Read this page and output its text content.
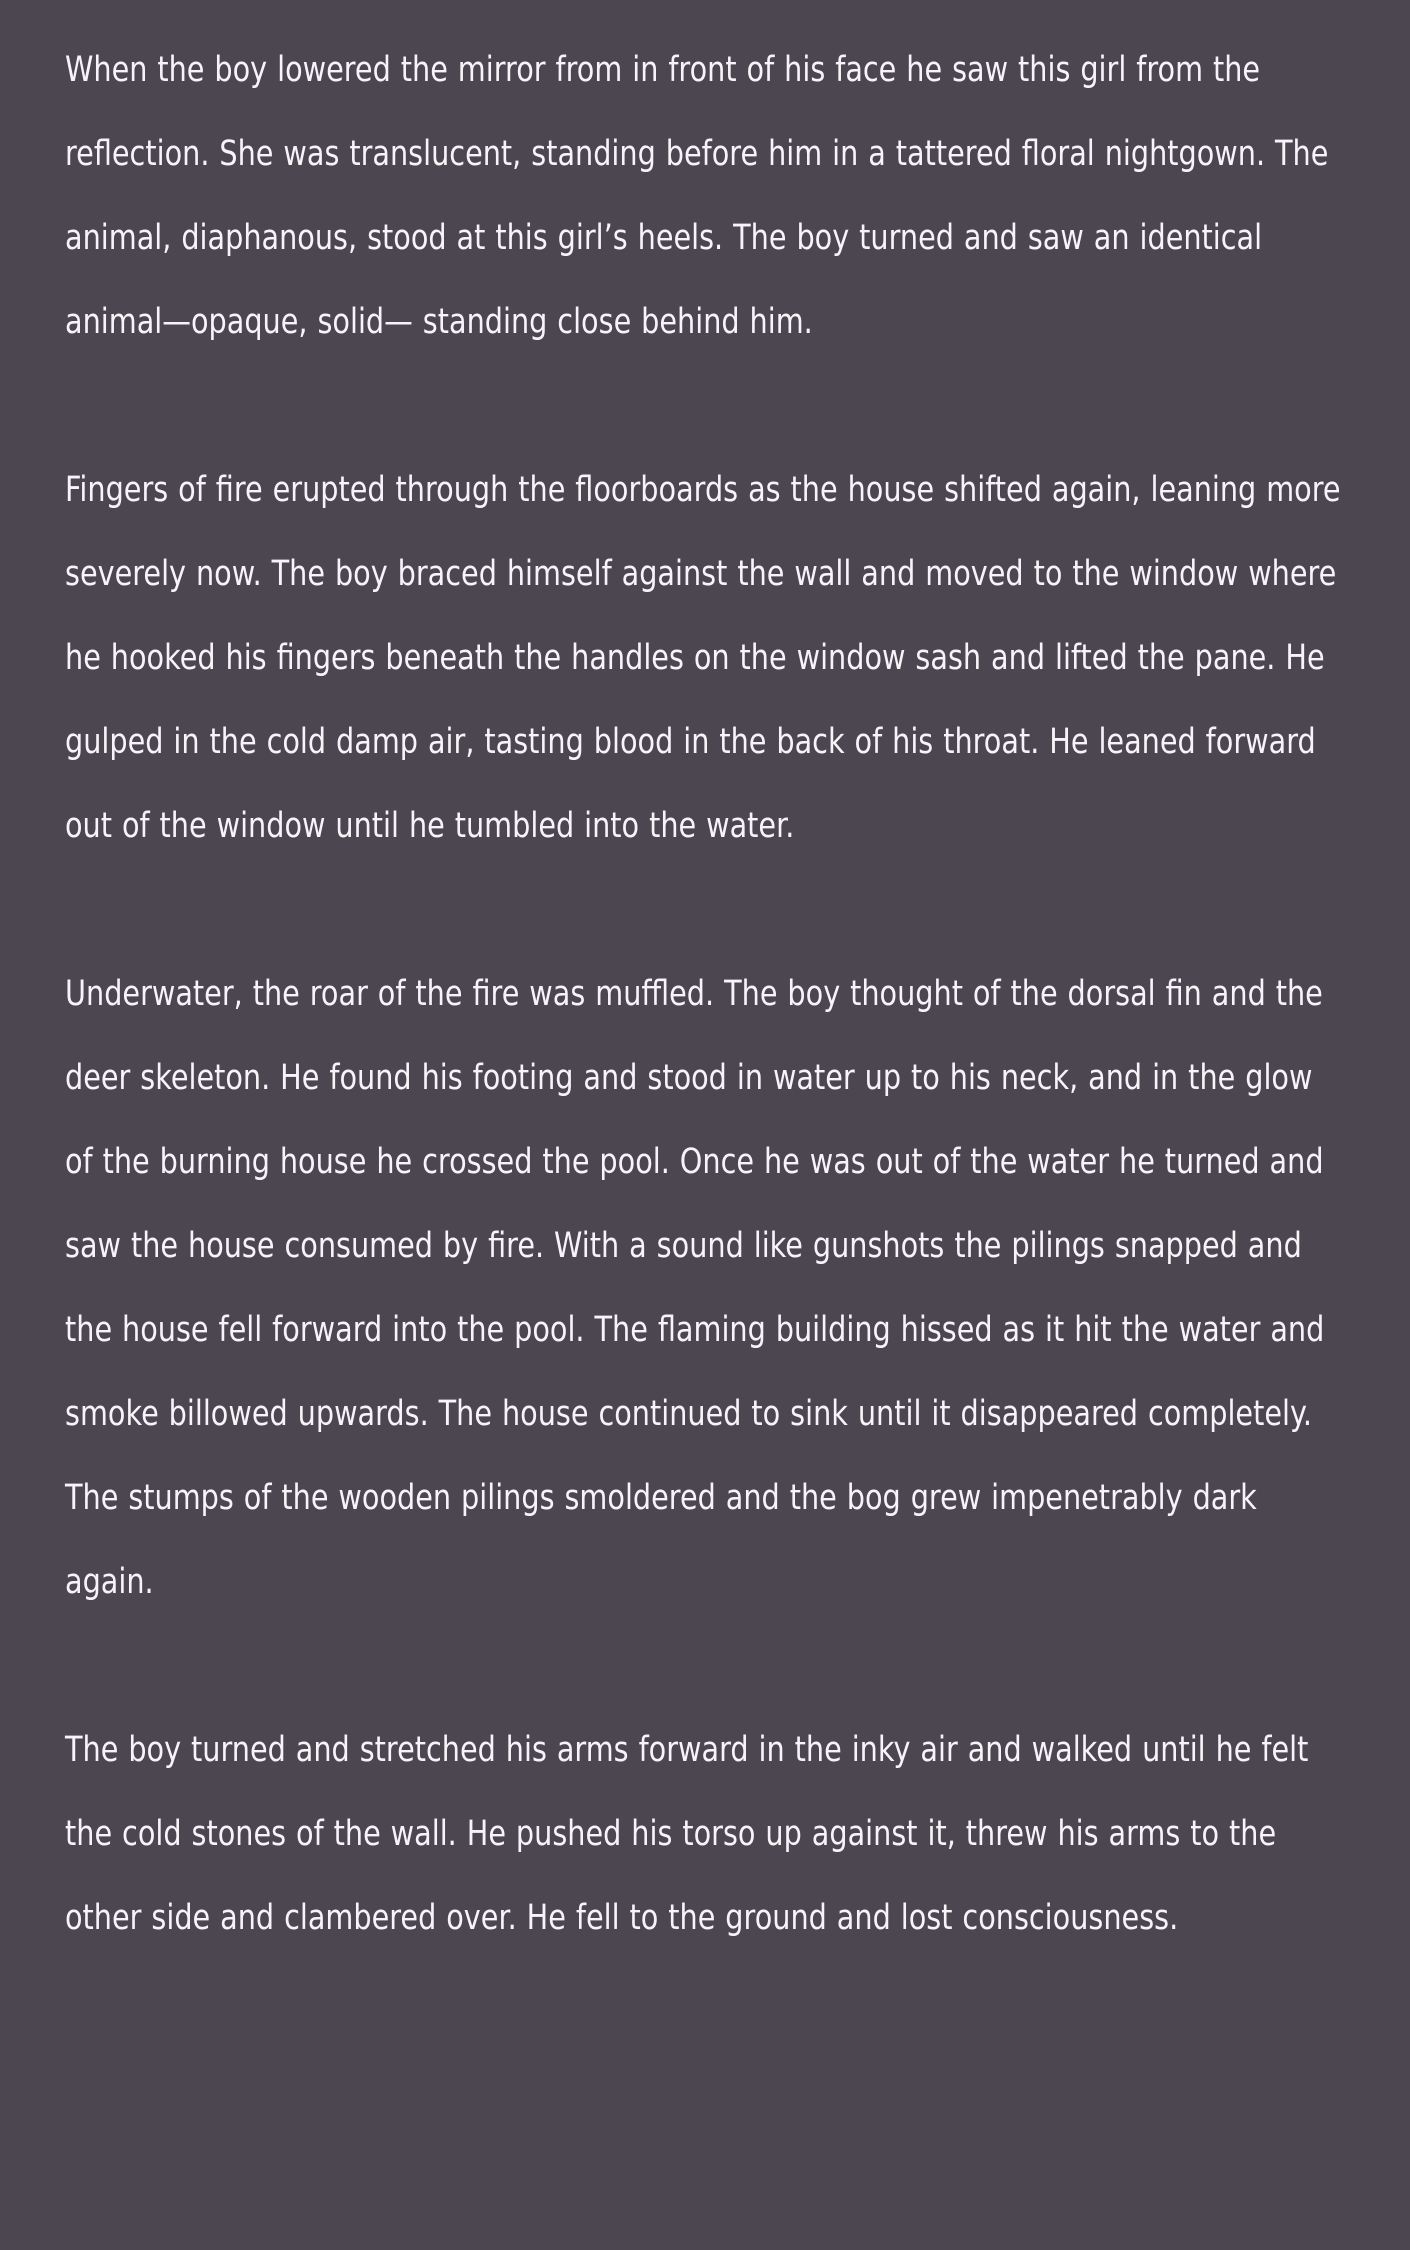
When the boy lowered the mirror from in front of his face he saw this girl from the reflection. She was translucent, standing before him in a tattered floral nightgown. The animal, diaphanous, stood at this girl’s heels. The boy turned and saw an identical animal—opaque, solid— standing close behind him.

Fingers of fire erupted through the floorboards as the house shifted again, leaning more severely now. The boy braced himself against the wall and moved to the window where he hooked his fingers beneath the handles on the window sash and lifted the pane. He gulped in the cold damp air, tasting blood in the back of his throat. He leaned forward out of the window until he tumbled into the water.

Underwater, the roar of the fire was muffled. The boy thought of the dorsal fin and the deer skeleton. He found his footing and stood in water up to his neck, and in the glow of the burning house he crossed the pool. Once he was out of the water he turned and saw the house consumed by fire. With a sound like gunshots the pilings snapped and the house fell forward into the pool. The flaming building hissed as it hit the water and smoke billowed upwards. The house continued to sink until it disappeared completely. The stumps of the wooden pilings smoldered and the bog grew impenetrably dark again.

The boy turned and stretched his arms forward in the inky air and walked until he felt the cold stones of the wall. He pushed his torso up against it, threw his arms to the other side and clambered over. He fell to the ground and lost consciousness.
